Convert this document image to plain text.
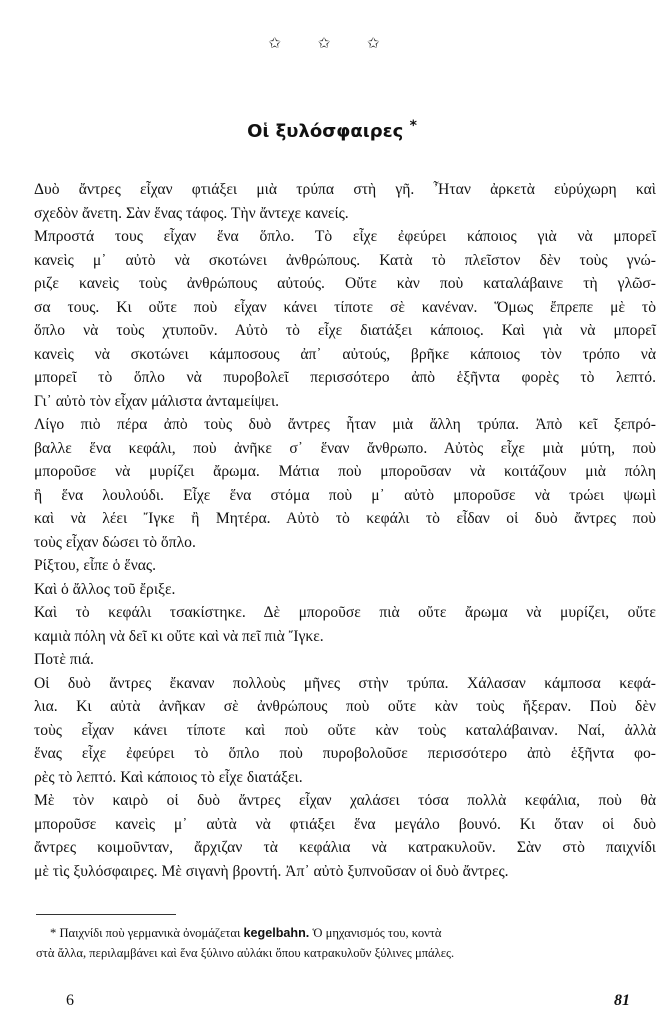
✩ ✩ ✩
Οἱ ξυλόσφαιρες *
Δυὸ ἄντρες εἶχαν φτιάξει μιὰ τρύπα στὴ γῆ. Ἦταν ἀρκετὰ εὐρύχωρη καὶ
σχεδὸν ἄνετη. Σὰν ἕνας τάφος. Τὴν ἄντεχε κανείς.
Μπροστά τους εἶχαν ἕνα ὅπλο. Τὸ εἶχε ἐφεύρει κάποιος γιὰ νὰ μπορεῖ
κανεὶς μ᾽ αὐτὸ νὰ σκοτώνει ἀνθρώπους. Κατὰ τὸ πλεῖστον δὲν τοὺς γνώ-
ριζε κανεὶς τοὺς ἀνθρώπους αὐτούς. Οὔτε κὰν ποὺ καταλάβαινε τὴ γλῶσ-
σα τους. Κι οὔτε ποὺ εἶχαν κάνει τίποτε σὲ κανέναν. Ὅμως ἔπρεπε μὲ τὸ
ὅπλο νὰ τοὺς χτυποῦν. Αὐτὸ τὸ εἶχε διατάξει κάποιος. Καὶ γιὰ νὰ μπορεῖ
κανεὶς νὰ σκοτώνει κάμποσους ἀπ᾽ αὐτούς, βρῆκε κάποιος τὸν τρόπο νὰ
μπορεῖ τὸ ὅπλο νὰ πυροβολεῖ περισσότερο ἀπὸ ἑξῆντα φορὲς τὸ λεπτό.
Γι᾽ αὐτὸ τὸν εἶχαν μάλιστα ἀνταμείψει.
Λίγο πιὸ πέρα ἀπὸ τοὺς δυὸ ἄντρες ἦταν μιὰ ἄλλη τρύπα. Ἀπὸ κεῖ ξεπρό-
βαλλε ἕνα κεφάλι, ποὺ ἀνῆκε σ᾽ ἕναν ἄνθρωπο. Αὐτὸς εἶχε μιὰ μύτη, ποὺ
μποροῦσε νὰ μυρίζει ἄρωμα. Μάτια ποὺ μποροῦσαν νὰ κοιτάζουν μιὰ πόλη
ἢ ἕνα λουλούδι. Εἶχε ἕνα στόμα ποὺ μ᾽ αὐτὸ μποροῦσε νὰ τρώει ψωμὶ
καὶ νὰ λέει Ἴγκε ἢ Μητέρα. Αὐτὸ τὸ κεφάλι τὸ εἶδαν οἱ δυὸ ἄντρες ποὺ
τοὺς εἶχαν δώσει τὸ ὅπλο.
Ρίξτου, εἶπε ὁ ἕνας.
Καὶ ὁ ἄλλος τοῦ ἔριξε.
Καὶ τὸ κεφάλι τσακίστηκε. Δὲ μποροῦσε πιὰ οὔτε ἄρωμα νὰ μυρίζει, οὔτε
καμιὰ πόλη νὰ δεῖ κι οὔτε καὶ νὰ πεῖ πιὰ Ἴγκε.
Ποτὲ πιά.
Οἱ δυὸ ἄντρες ἔκαναν πολλοὺς μῆνες στὴν τρύπα. Χάλασαν κάμποσα κεφά-
λια. Κι αὐτὰ ἀνῆκαν σὲ ἀνθρώπους ποὺ οὔτε κὰν τοὺς ἤξεραν. Ποὺ δὲν
τοὺς εἶχαν κάνει τίποτε καὶ ποὺ οὔτε κὰν τοὺς καταλάβαιναν. Ναί, ἀλλὰ
ἕνας εἶχε ἐφεύρει τὸ ὅπλο ποὺ πυροβολοῦσε περισσότερο ἀπὸ ἑξῆντα φο-
ρὲς τὸ λεπτό. Καὶ κάποιος τὸ εἶχε διατάξει.
Μὲ τὸν καιρὸ οἱ δυὸ ἄντρες εἶχαν χαλάσει τόσα πολλὰ κεφάλια, ποὺ θὰ
μποροῦσε κανεὶς μ᾽ αὐτὰ νὰ φτιάξει ἕνα μεγάλο βουνό. Κι ὅταν οἱ δυὸ
ἄντρες κοιμοῦνταν, ἄρχιζαν τὰ κεφάλια νὰ κατρακυλοῦν. Σὰν στὸ παιχνίδι
μὲ τὶς ξυλόσφαιρες. Μὲ σιγανὴ βροντή. Ἀπ᾽ αὐτὸ ξυπνοῦσαν οἱ δυὸ ἄντρες.
* Παιχνίδι ποὺ γερμανικὰ ὀνομάζεται kegelbahn. Ὁ μηχανισμός του, κοντὰ
στὰ ἄλλα, περιλαμβάνει καὶ ἕνα ξύλινο αὐλάκι ὅπου κατρακυλοῦν ξύλινες μπάλες.
6	81
